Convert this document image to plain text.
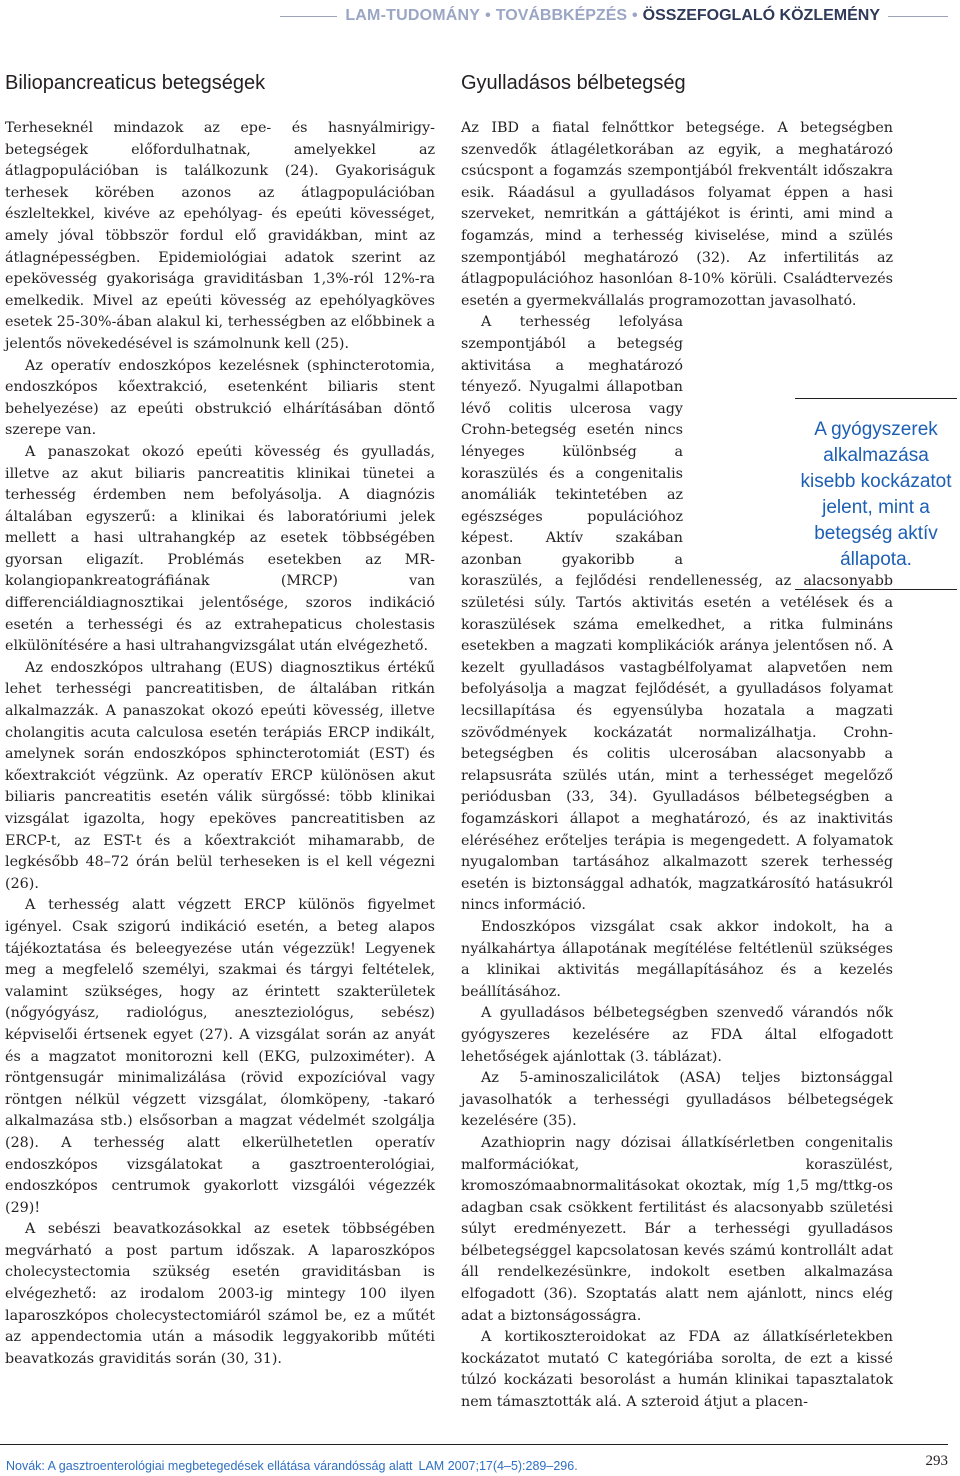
LAM-TUDOMÁNY • TOVÁBBKÉPZÉS • ÖSSZEFOGLALÓ KÖZLEMÉNY
Biliopancreaticus betegségek

Terheseknél mindazok az epe- és hasnyálmirigy-betegségek előfordulhatnak, amelyekkel az átlagpopulációban is találkozunk (24). Gyakoriságuk terhesek körében azonos az átlagpopulációban észleltekkel, kivéve az epehólyag- és epeúti kövességet, amely jóval többször fordul elő gravidákban, mint az átlagnépességben. Epidemiológiai adatok szerint az epekövesség gyakorisága graviditásban 1,3%-ról 12%-ra emelkedik. Mivel az epeúti kövesség az epehólyagköves esetek 25-30%-ában alakul ki, terhességben az előbbinek a jelentős növekedésével is számolnunk kell (25).

Az operatív endoszkópos kezelésnek (sphincterotomia, endoszkópos kőextrakció, esetenként biliaris stent behelyezése) az epeúti obstrukció elhárításában döntő szerepe van.

A panaszokat okozó epeúti kövesség és gyulladás, illetve az akut biliaris pancreatitis klinikai tünetei a terhesség érdemben nem befolyásolja. A diagnózis általában egyszerű: a klinikai és laboratóriumi jelek mellett a hasi ultrahangkép az esetek többségében gyorsan eligazít. Problémás esetekben az MR-kolangiopankreatográfiának (MRCP) van differenciáldiagnosztikai jelentősége, szoros indikáció esetén a terhességi és az extrahepaticus cholestasis elkülönítésére a hasi ultrahangvizsgálat után elvégezhető.

Az endoszkópos ultrahang (EUS) diagnosztikus értékű lehet terhességi pancreatitisben, de általában ritkán alkalmazzák. A panaszokat okozó epeúti kövesség, illetve cholangitis acuta calculosa esetén terápiás ERCP indikált, amelynek során endoszkópos sphincterotomiát (EST) és kőextrakciót végzünk. Az operatív ERCP különösen akut biliaris pancreatitis esetén válik sürgőssé: több klinikai vizsgálat igazolta, hogy epeköves pancreatitisben az ERCP-t, az EST-t és a kőextrakciót mihamarabb, de legkésőbb 48–72 órán belül terheseken is el kell végezni (26).

A terhesség alatt végzett ERCP különös figyelmet igényel. Csak szigorú indikáció esetén, a beteg alapos tájékoztatása és beleegyezése után végezzük! Legyenek meg a megfelelő személyi, szakmai és tárgyi feltételek, valamint szükséges, hogy az érintett szakterületek (nőgyógyász, radiológus, aneszteziológus, sebész) képviselői értsenek egyet (27). A vizsgálat során az anyát és a magzatot monitorozni kell (EKG, pulzoximéter). A röntgensugár minimalizálása (rövid expozícióval vagy röntgen nélkül végzett vizsgálat, ólomköpeny, -takaró alkalmazása stb.) elsősorban a magzat védelmét szolgálja (28). A terhesség alatt elkerülhetetlen operatív endoszkópos vizsgálatokat a gasztroenterológiai, endoszkópos centrumok gyakorlott vizsgálói végezzék (29)!

A sebészi beavatkozásokkal az esetek többségében megvárható a post partum időszak. A laparoszkópos cholecystectomia szükség esetén graviditásban is elvégezhető: az irodalom 2003-ig mintegy 100 ilyen laparoszkópos cholecystectomiáról számol be, ez a műtét az appendectomia után a második leggyakoribb műtéti beavatkozás graviditás során (30, 31).

Gyulladásos bélbetegség

Az IBD a fiatal felnőttkor betegsége. A betegségben szenvedők átlagéletkorában az egyik, a meghatározó csúcspont a fogamzás szempontjából frekventált időszakra esik. Ráadásul a gyulladásos folyamat éppen a hasi szerveket, nemritkán a gáttájékot is érinti, ami mind a fogamzás, mind a terhesség kiviselése, mind a szülés szempontjából meghatározó (32). Az infertilitás az átlagpopulációhoz hasonlóan 8-10% körüli. Családtervezés esetén a gyermekvállalás programozottan javasolható.

A terhesség lefolyása szempontjából a betegség aktivitása a meghatározó tényező. Nyugalmi állapotban lévő colitis ulcerosa vagy Crohn-betegség esetén nincs lényeges különbség a koraszülés és a congenitalis anomáliák tekintetében az egészséges populációhoz képest. Aktív szakában azonban gyakoribb a koraszülés, a fejlődési rendellenesség, az alacsonyabb születési súly. Tartós aktivitás esetén a vetélések és a koraszülések száma emelkedhet, a ritka fulmináns esetekben a magzati komplikációk aránya jelentősen nő. A kezelt gyulladásos vastagbélfolyamat alapvetően nem befolyásolja a magzat fejlődését, a gyulladásos folyamat lecsillapítása és egyensúlyba hozatala a magzati szövődmények kockázatát normalizálhatja. Crohn-betegségben és colitis ulcerosában alacsonyabb a relapsusráta szülés után, mint a terhességet megelőző periódusban (33, 34). Gyulladásos bélbetegségben a fogamzáskori állapot a meghatározó, és az inaktivitás eléréséhez erőteljes terápia is megengedett. A folyamatok nyugalomban tartásához alkalmazott szerek terhesség esetén is biztonsággal adhatók, magzatkárosító hatásukról nincs információ.

Endoszkópos vizsgálat csak akkor indokolt, ha a nyálkahártya állapotának megítélése feltétlenül szükséges a klinikai aktivitás megállapításához és a kezelés beállításához.

A gyulladásos bélbetegségben szenvedő várandós nők gyógyszeres kezelésére az FDA által elfogadott lehetőségek ajánlottak (3. táblázat).

Az 5-aminoszalicilátok (ASA) teljes biztonsággal javasolhatók a terhességi gyulladásos bélbetegségek kezelésére (35).

Azathioprin nagy dózisai állatkísérletben congenitalis malformációkat, koraszülést, kromoszómaabnormalitásokat okoztak, míg 1,5 mg/ttkg-os adagban csak csökkent fertilitást és alacsonyabb születési súlyt eredményezett. Bár a terhességi gyulladásos bélbetegséggel kapcsolatosan kevés számú kontrollált adat áll rendelkezésünkre, indokolt esetben alkalmazása elfogadott (36). Szoptatás alatt nem ajánlott, nincs elég adat a biztonságosságra.

A kortikoszteroidokat az FDA az állatkísérletekben kockázatot mutató C kategóriába sorolta, de ezt a kissé túlzó kockázati besorolást a humán klinikai tapasztalatok nem támasztották alá. A szteroid átjut a placen-

A gyógyszerek alkalmazása kisebb kockázatot jelent, mint a betegség aktív állapota.
Novák: A gasztroenterológiai megbetegedések ellátása várandósság alatt LAM 2007;17(4–5):289–296.	293
